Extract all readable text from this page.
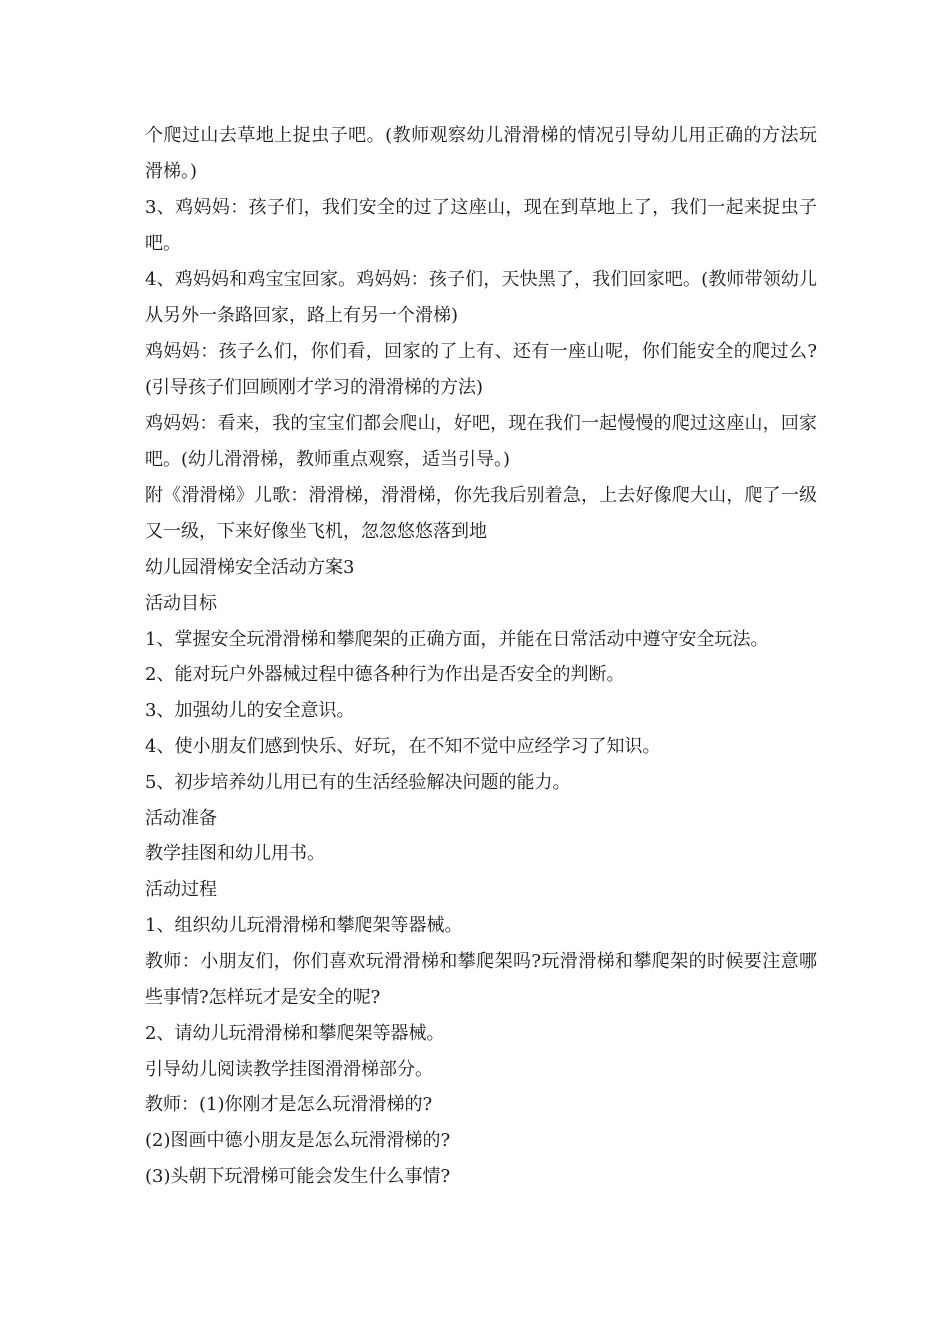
个爬过山去草地上捉虫子吧。(教师观察幼儿滑滑梯的情况引导幼儿用正确的方法玩滑梯。)

3、鸡妈妈：孩子们，我们安全的过了这座山，现在到草地上了，我们一起来捉虫子吧。

4、鸡妈妈和鸡宝宝回家。鸡妈妈：孩子们，天快黑了，我们回家吧。(教师带领幼儿从另外一条路回家，路上有另一个滑梯)

鸡妈妈：孩子么们，你们看，回家的了上有、还有一座山呢，你们能安全的爬过么?(引导孩子们回顾刚才学习的滑滑梯的方法)

鸡妈妈：看来，我的宝宝们都会爬山，好吧，现在我们一起慢慢的爬过这座山，回家吧。(幼儿滑滑梯，教师重点观察，适当引导。)

附《滑滑梯》儿歌：滑滑梯，滑滑梯，你先我后别着急，上去好像爬大山，爬了一级又一级，下来好像坐飞机，忽忽悠悠落到地

幼儿园滑梯安全活动方案3

活动目标

1、掌握安全玩滑滑梯和攀爬架的正确方面，并能在日常活动中遵守安全玩法。

2、能对玩户外器械过程中德各种行为作出是否安全的判断。

3、加强幼儿的安全意识。

4、使小朋友们感到快乐、好玩，在不知不觉中应经学习了知识。

5、初步培养幼儿用已有的生活经验解决问题的能力。

活动准备

教学挂图和幼儿用书。

活动过程

1、组织幼儿玩滑滑梯和攀爬架等器械。

教师：小朋友们，你们喜欢玩滑滑梯和攀爬架吗?玩滑滑梯和攀爬架的时候要注意哪些事情?怎样玩才是安全的呢?

2、请幼儿玩滑滑梯和攀爬架等器械。

引导幼儿阅读教学挂图滑滑梯部分。

教师：(1)你刚才是怎么玩滑滑梯的?

(2)图画中德小朋友是怎么玩滑滑梯的?

(3)头朝下玩滑梯可能会发生什么事情?
